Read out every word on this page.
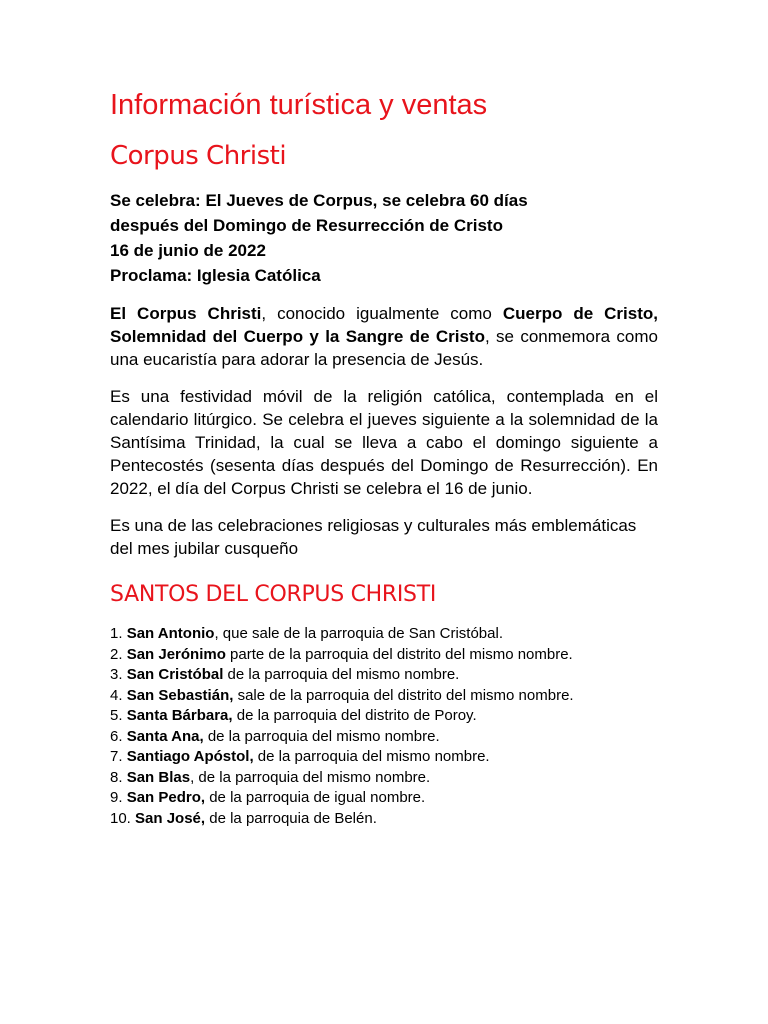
Información turística y ventas
Corpus Christi
Se celebra: El Jueves de Corpus, se celebra 60 días
después del Domingo de Resurrección de Cristo
16 de junio de 2022
Proclama: Iglesia Católica

El Corpus Christi, conocido igualmente como Cuerpo de Cristo, Solemnidad del Cuerpo y la Sangre de Cristo, se conmemora como una eucaristía para adorar la presencia de Jesús.

Es una festividad móvil de la religión católica, contemplada en el calendario litúrgico. Se celebra el jueves siguiente a la solemnidad de la Santísima Trinidad, la cual se lleva a cabo el domingo siguiente a Pentecostés (sesenta días después del Domingo de Resurrección). En 2022, el día del Corpus Christi se celebra el 16 de junio.

Es una de las celebraciones religiosas y culturales más emblemáticas del mes jubilar cusqueño

SANTOS DEL CORPUS CHRISTI
1. San Antonio, que sale de la parroquia de San Cristóbal.
2. San Jerónimo parte de la parroquia del distrito del mismo nombre.
3. San Cristóbal de la parroquia del mismo nombre.
4. San Sebastián, sale de la parroquia del distrito del mismo nombre.
5. Santa Bárbara, de la parroquia del distrito de Poroy.
6. Santa Ana, de la parroquia del mismo nombre.
7. Santiago Apóstol, de la parroquia del mismo nombre.
8. San Blas, de la parroquia del mismo nombre.
9. San Pedro, de la parroquia de igual nombre.
10. San José, de la parroquia de Belén.
